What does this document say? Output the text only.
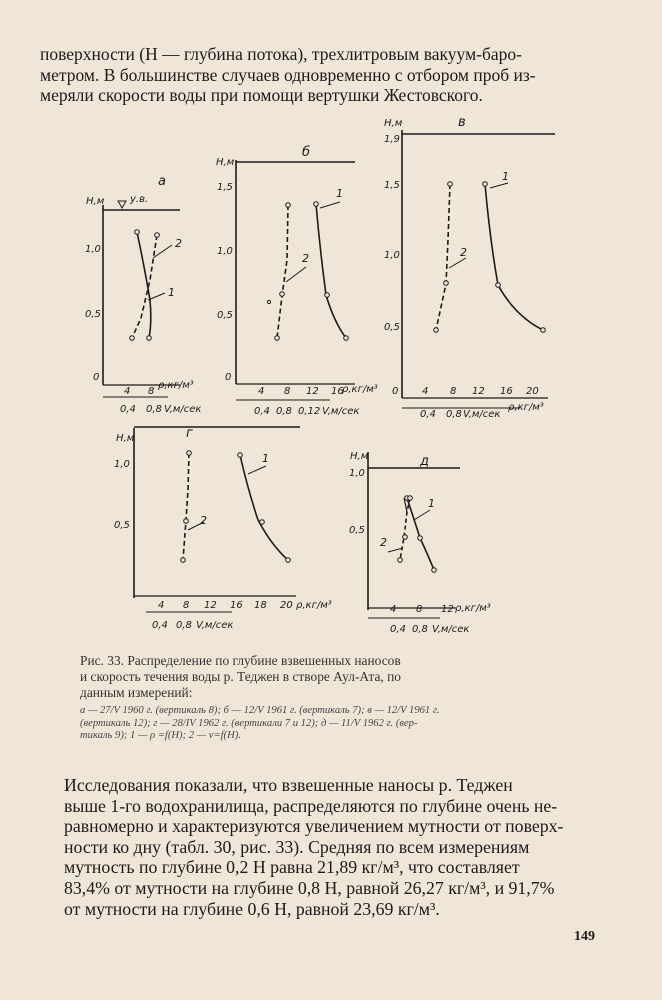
поверхности (H — глубина потока), трехлитровым вакуум-баро-
метром. В большинстве случаев одновременно с отбором проб из-
меряли скорости воды при помощи вертушки Жестовского.
а
Н,м	у.в.
0
0,5
1,0
4 8
ρ,кг/м³
0,4 0,8 V,м/сек
1
2
б
Н,м
0
0,5
1,0
1,5
4 8 12 16
ρ,кг/м³
0,4 0,8 0,12 V,м/сек
1
2
в
Н,м
0
0,5
1,0
1,5
1,9
4 8 12 16 20
ρ,кг/м³
0,4 0,8 V,м/сек
1
2
г
Н,м
0,5
1,0
4 8 12 16 18 20 ρ,кг/м³
0,4 0,8 V,м/сек
1
2
д
Н,м
0,5
1,0
4 8 12 ρ,кг/м³
0,4 0,8 V,м/сек
1
2
Рис. 33. Распределение по глубине взвешенных наносов
и скорость течения воды р. Теджен в створе Аул-Ата, по
данным измерений:
а — 27/V 1960 г. (вертикаль 8); б — 12/V 1961 г. (вертикаль 7); в — 12/V 1961 г.
(вертикаль 12); г — 28/IV 1962 г. (вертикали 7 и 12); д — 11/V 1962 г. (вер-
тикаль 9); 1 — ρ =f(H); 2 — v=f(H).
Исследования показали, что взвешенные наносы р. Теджен
выше 1-го водохранилища, распределяются по глубине очень не-
равномерно и характеризуются увеличением мутности от поверх-
ности ко дну (табл. 30, рис. 33). Средняя по всем измерениям
мутность по глубине 0,2 H равна 21,89 кг/м³, что составляет
83,4% от мутности на глубине 0,8 H, равной 26,27 кг/м³, и 91,7%
от мутности на глубине 0,6 H, равной 23,69 кг/м³.
149
